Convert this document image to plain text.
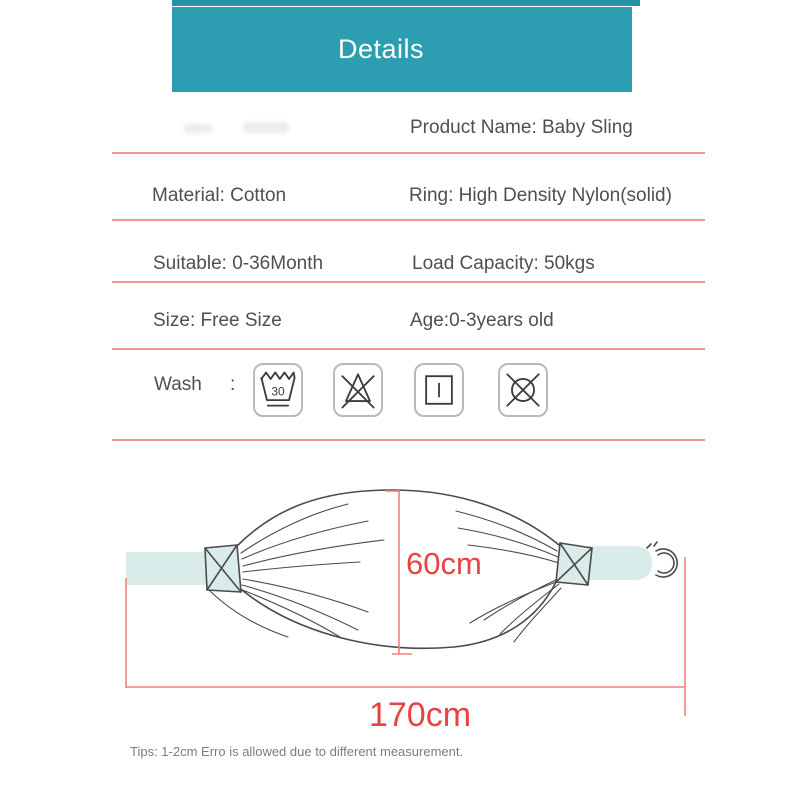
Details
Product Name: Baby Sling
Material: Cotton	Ring: High Density Nylon(solid)
Suitable: 0-36Month	Load Capacity: 50kgs
Size: Free Size	Age:0-3years old
Wash :	30
60cm
170cm
Tips: 1-2cm Erro is allowed due to different measurement.
